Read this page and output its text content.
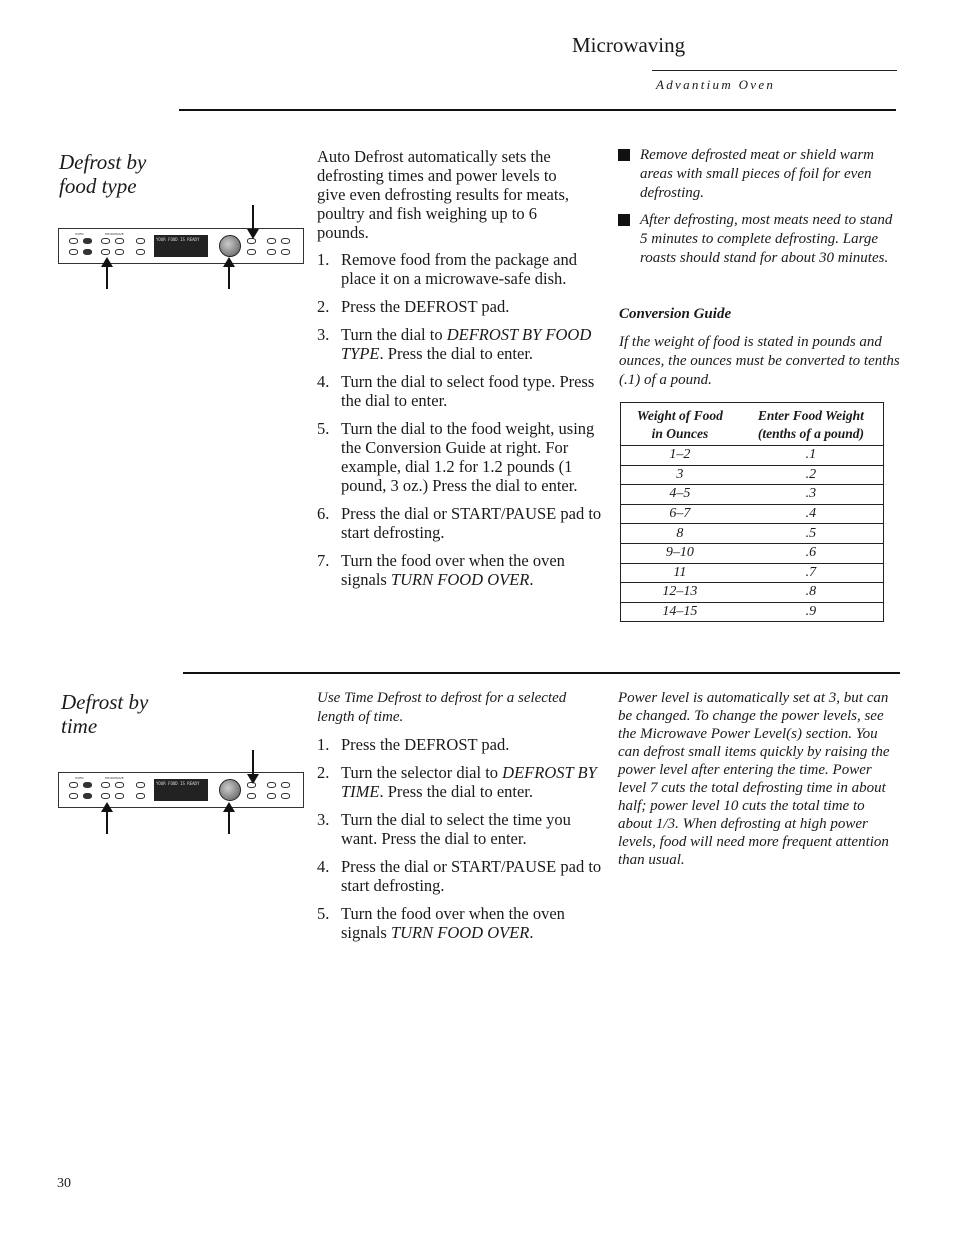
Microwaving
Advantium Oven
Defrost by
food type
OVEN	MICROWAVE
YOUR FOOD IS READY
Auto Defrost automatically sets the defrosting times and power levels to give even defrosting results for meats, poultry and fish weighing up to 6 pounds.
1. Remove food from the package and place it on a microwave-safe dish.
2. Press the DEFROST pad.
3. Turn the dial to DEFROST BY FOOD TYPE. Press the dial to enter.
4. Turn the dial to select food type. Press the dial to enter.
5. Turn the dial to the food weight, using the Conversion Guide at right. For example, dial 1.2 for 1.2 pounds (1 pound, 3 oz.) Press the dial to enter.
6. Press the dial or START/PAUSE pad to start defrosting.
7. Turn the food over when the oven signals TURN FOOD OVER.
Remove defrosted meat or shield warm areas with small pieces of foil for even defrosting.
After defrosting, most meats need to stand 5 minutes to complete defrosting. Large roasts should stand for about 30 minutes.
Conversion Guide
If the weight of food is stated in pounds and ounces, the ounces must be converted to tenths (.1) of a pound.
Weight of Food
in Ounces	Enter Food Weight
(tenths of a pound)
1–2	.1
3	.2
4–5	.3
6–7	.4
8	.5
9–10	.6
11	.7
12–13	.8
14–15	.9
Defrost by
time
OVEN	MICROWAVE
YOUR FOOD IS READY
Use Time Defrost to defrost for a selected length of time.
1. Press the DEFROST pad.
2. Turn the selector dial to DEFROST BY TIME. Press the dial to enter.
3. Turn the dial to select the time you want. Press the dial to enter.
4. Press the dial or START/PAUSE pad to start defrosting.
5. Turn the food over when the oven signals TURN FOOD OVER.
Power level is automatically set at 3, but can be changed. To change the power levels, see the Microwave Power Level(s) section. You can defrost small items quickly by raising the power level after entering the time. Power level 7 cuts the total defrosting time in about half; power level 10 cuts the total time to about 1/3. When defrosting at high power levels, food will need more frequent attention than usual.
30
